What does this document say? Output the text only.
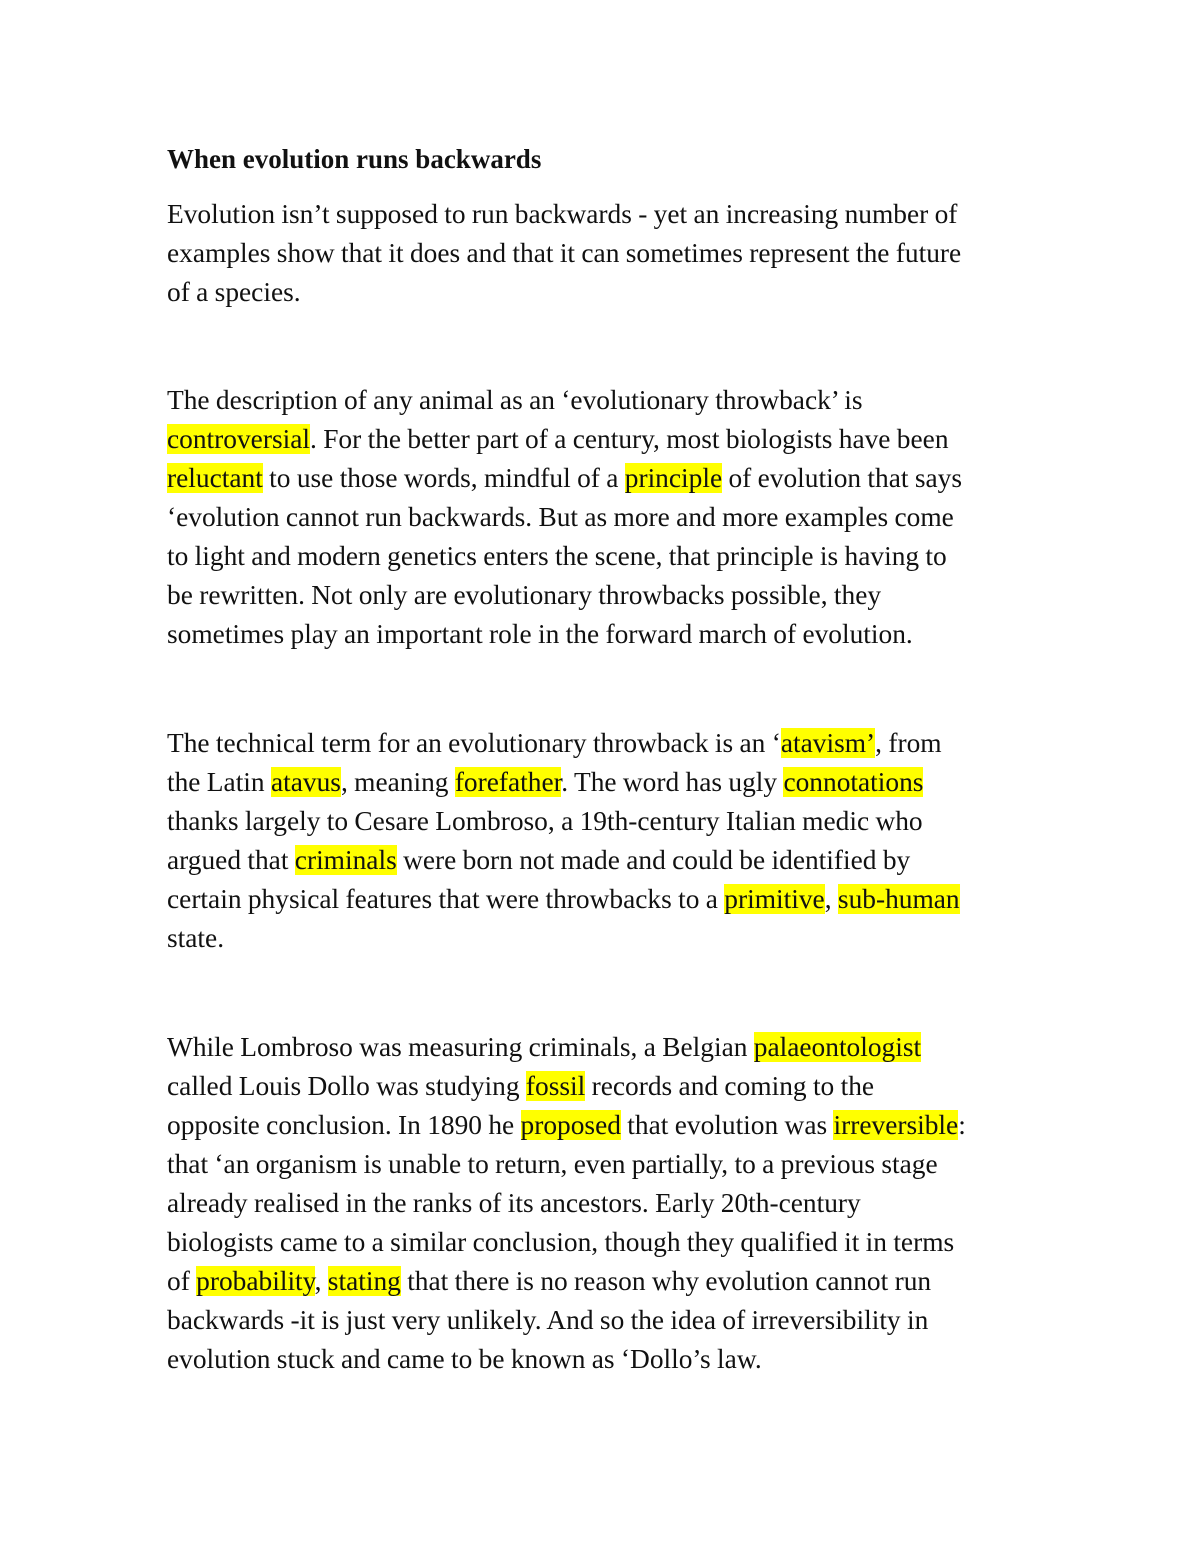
When evolution runs backwards
Evolution isn’t supposed to run backwards - yet an increasing number of
examples show that it does and that it can sometimes represent the future
of a species.
The description of any animal as an ‘evolutionary throwback’ is
controversial. For the better part of a century, most biologists have been
reluctant to use those words, mindful of a principle of evolution that says
‘evolution cannot run backwards. But as more and more examples come
to light and modern genetics enters the scene, that principle is having to
be rewritten. Not only are evolutionary throwbacks possible, they
sometimes play an important role in the forward march of evolution.
The technical term for an evolutionary throwback is an ‘atavism’, from
the Latin atavus, meaning forefather. The word has ugly connotations
thanks largely to Cesare Lombroso, a 19th-century Italian medic who
argued that criminals were born not made and could be identified by
certain physical features that were throwbacks to a primitive, sub-human
state.
While Lombroso was measuring criminals, a Belgian palaeontologist
called Louis Dollo was studying fossil records and coming to the
opposite conclusion. In 1890 he proposed that evolution was irreversible:
that ‘an organism is unable to return, even partially, to a previous stage
already realised in the ranks of its ancestors. Early 20th-century
biologists came to a similar conclusion, though they qualified it in terms
of probability, stating that there is no reason why evolution cannot run
backwards -it is just very unlikely. And so the idea of irreversibility in
evolution stuck and came to be known as ‘Dollo’s law.
